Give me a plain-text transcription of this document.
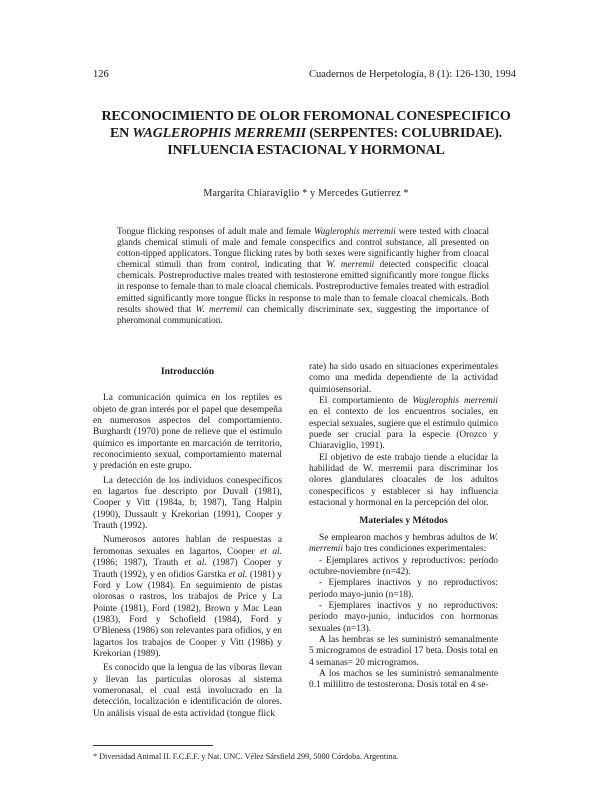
126	Cuadernos de Herpetología, 8 (1): 126-130, 1994
RECONOCIMIENTO DE OLOR FEROMONAL CONESPECIFICO
EN WAGLEROPHIS MERREMII (SERPENTES: COLUBRIDAE).
INFLUENCIA ESTACIONAL Y HORMONAL
Margarita Chiaraviglio * y Mercedes Gutierrez *
Tongue flicking responses of adult male and female Waglerophis merremii were tested with cloacal glands chemical stimuli of male and female conspecifics and control substance, all presented on cotton-tipped applicators. Tongue flicking rates by both sexes were significantly higher from cloacal chemical stimuli than from control, indicating that W. merremii detected conspecific cloacal chemicals. Postreproductive males treated with testosterone emitted significantly more tongue flicks in response to female than to male cloacal chemicals. Postreproductive females treated with estradiol emitted significantly more tongue flicks in response to male than to female cloacal chemicals. Both results showed that W. merremii can chemically discriminate sex, suggesting the importance of pheromonal communication.

Introducción

La comunicación química en los reptiles es objeto de gran interés por el papel que desempeña en numerosos aspectos del comportamiento. Burghardt (1970) pone de relieve que el estímulo químico es importante en marcación de territorio, reconocimiento sexual, comportamiento maternal y predación en este grupo.

La detección de los individuos conespecíficos en lagartos fue descripto por Duvall (1981), Cooper y Vitt (1984a, b; 1987), Tang Halpin (1990), Dussault y Krekorian (1991), Cooper y Trauth (1992).

Numerosos autores hablan de respuestas a feromonas sexuales en lagartos, Cooper et al. (1986; 1987), Trauth et al. (1987) Cooper y Trauth (1992), y en ofidios Garstka et al. (1981) y Ford y Low (1984). En seguimiento de pistas olorosas o rastros, los trabajos de Price y La Pointe (1981), Ford (1982), Brown y Mac Lean (1983), Ford y Schofield (1984), Ford y O'Bleness (1986) son relevantes para ofidios, y en lagartos los trabajos de Cooper y Vitt (1986) y Krekorian (1989).

Es conocido que la lengua de las víboras llevan y llevan las partículas olorosas al sistema vomeronasal, el cual está involucrado en la detección, localización e identificación de olores. Un análisis visual de esta actividad (tongue flick

rate) ha sido usado en situaciones experimentales como una medida dependiente de la actividad quimiosensorial.

El comportamiento de Waglerophis merremii en el contexto de los encuentros sociales, en especial sexuales, sugiere que el estímulo químico puede ser crucial para la especie (Orozco y Chiaraviglio, 1991).

El objetivo de este trabajo tiende a elucidar la habilidad de W. merremii para discriminar los olores glandulares cloacales de los adultos conespecíficos y establecer si hay influencia estacional y hormonal en la percepción del olor.

Materiales y Métodos

Se emplearon machos y hembras adultos de W. merremii bajo tres condiciones experimentales:

- Ejemplares activos y reproductivos: período octubre-noviembre (n=42).

- Ejemplares inactivos y no reproductivos: período mayo-junio (n=18).

- Ejemplares inactivos y no reproductivos: período mayo-junio, inducidos con hormonas sexuales (n=13).

A las hembras se les suministró semanalmente 5 microgramos de estradiol 17 beta. Dosis total en 4 semanas= 20 microgramos.

A los machos se les suministró semanalmente 0.1 mililitro de testosterona. Dosis total en 4 se-

* Diversidad Animal II. F.C.E.F. y Nat. UNC. Vélez Sársfield 299, 5000 Córdoba. Argentina.
